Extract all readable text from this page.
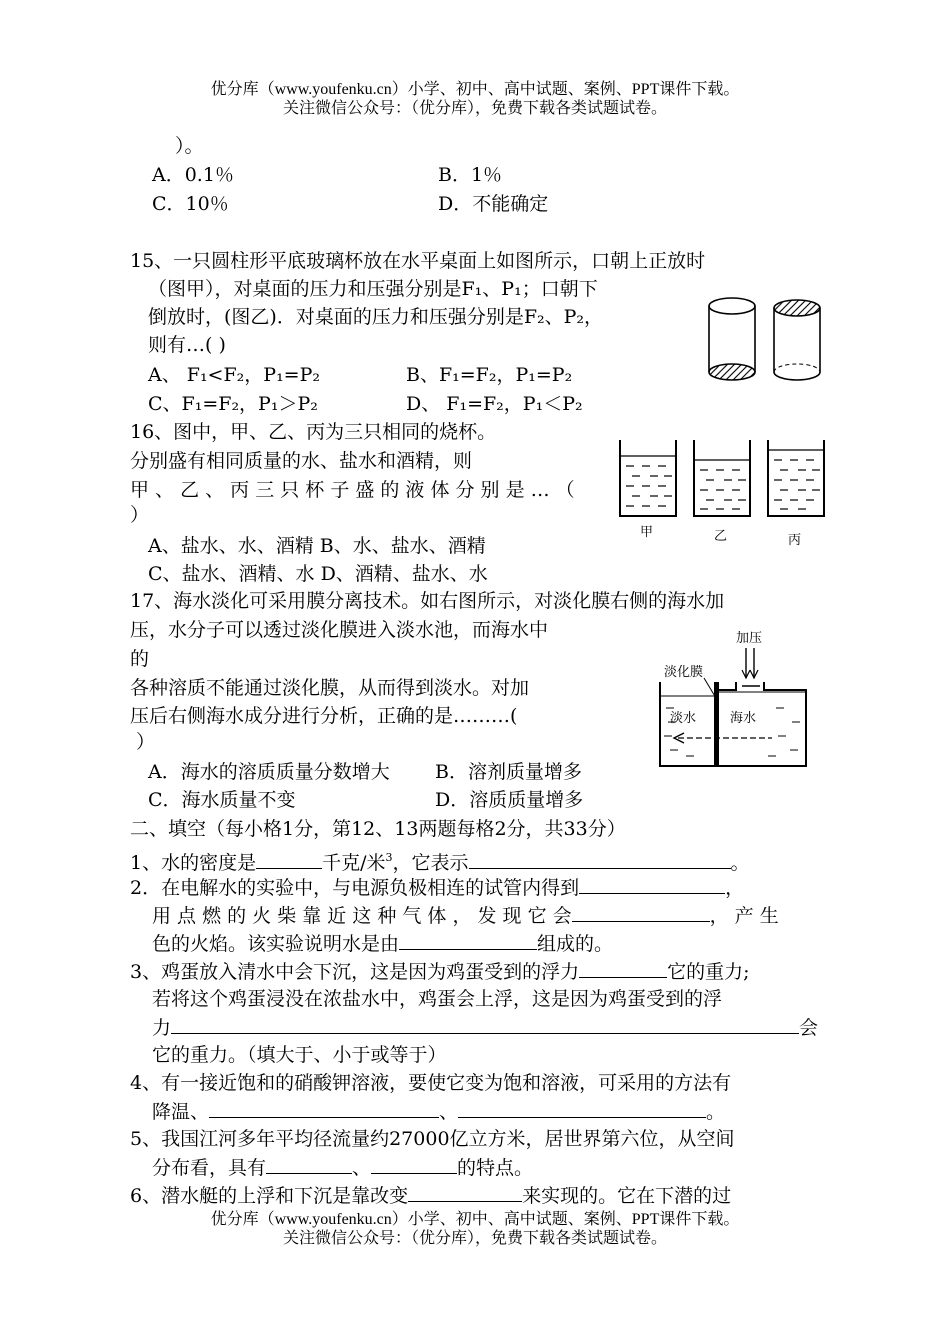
优分库（www.youfenku.cn）小学、初中、高中试题、案例、PPT课件下载。
关注微信公众号：（优分库），免费下载各类试题试卷。
）。
A．0.1％	B．1％
C．10％	D．不能确定
15、一只圆柱形平底玻璃杯放在水平桌面上如图所示，口朝上正放时
（图甲），对桌面的压力和压强分别是F₁、P₁；口朝下
倒放时，(图乙)．对桌面的压力和压强分别是F₂、P₂，
则有…( )
A、 F₁<F₂，P₁=P₂	B、F₁=F₂，P₁=P₂
C、F₁=F₂，P₁＞P₂	D、 F₁=F₂，P₁＜P₂
16、图中，甲、乙、丙为三只相同的烧杯。
分别盛有相同质量的水、盐水和酒精，则
甲 、 乙 、 丙 三 只 杯 子 盛 的 液 体 分 别 是 … （
）
A、盐水、水、酒精 B、水、盐水、酒精
C、盐水、酒精、水 D、酒精、盐水、水
甲	乙	丙
17、海水淡化可采用膜分离技术。如右图所示，对淡化膜右侧的海水加
压，水分子可以透过淡化膜进入淡水池，而海水中
的
各种溶质不能通过淡化膜，从而得到淡水。对加
压后右侧海水成分进行分析，正确的是………(
）
A．海水的溶质质量分数增大 B．溶剂质量增多
C．海水质量不变	D．溶质质量增多
加压
淡化膜
淡水	海水
二、填空（每小格1分，第12、13两题每格2分，共33分）
1、水的密度是	千克/米$^3$，它表示	。
2．在电解水的实验中，与电源负极相连的试管内得到	，
用 点 燃 的 火 柴 靠 近 这 种 气 体 ， 发 现 它 会	， 产 生
色的火焰。该实验说明水是由	组成的。
3、鸡蛋放入清水中会下沉，这是因为鸡蛋受到的浮力	它的重力;
若将这个鸡蛋浸没在浓盐水中，鸡蛋会上浮，这是因为鸡蛋受到的浮
力	会
它的重力。（填大于、小于或等于）
4、有一接近饱和的硝酸钾溶液，要使它变为饱和溶液，可采用的方法有
降温、	、	。
5、我国江河多年平均径流量约27000亿立方米，居世界第六位，从空间
分布看，具有	、	的特点。
6、潜水艇的上浮和下沉是靠改变	来实现的。它在下潜的过
优分库（www.youfenku.cn）小学、初中、高中试题、案例、PPT课件下载。
关注微信公众号：（优分库），免费下载各类试题试卷。
